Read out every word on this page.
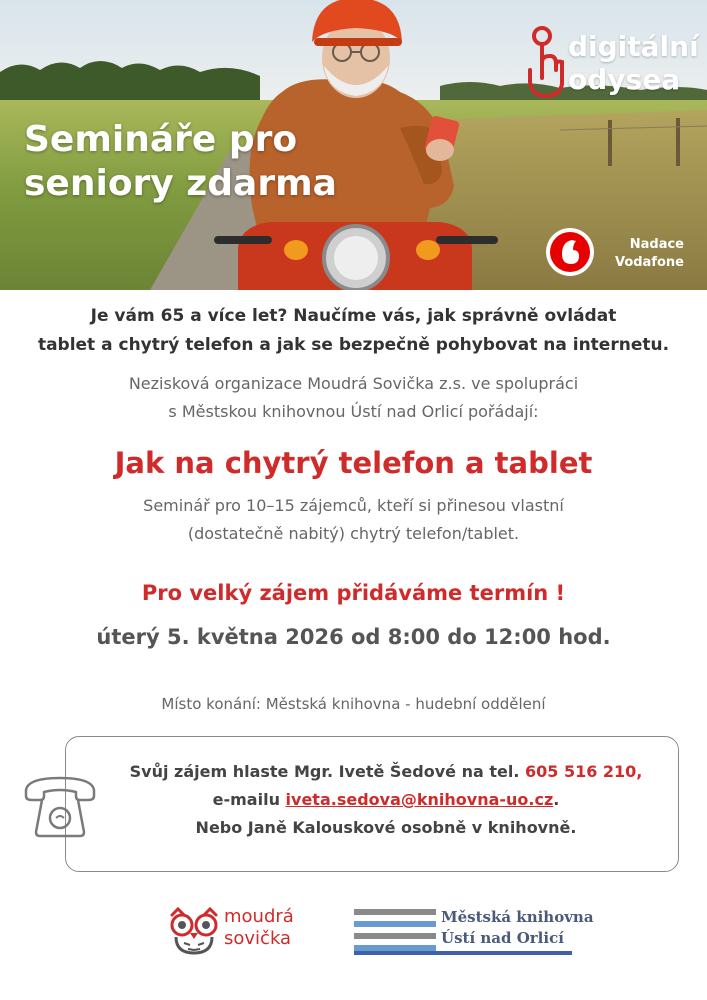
Semináře pro
seniory zdarma
digitální
odysea
Nadace
Vodafone

Je vám 65 a více let? Naučíme vás, jak správně ovládat
tablet a chytrý telefon a jak se bezpečně pohybovat na internetu.

Nezisková organizace Moudrá Sovička z.s. ve spolupráci
s Městskou knihovnou Ústí nad Orlicí pořádají:

Jak na chytrý telefon a tablet

Seminář pro 10–15 zájemců, kteří si přinesou vlastní
(dostatečně nabitý) chytrý telefon/tablet.

Pro velký zájem přidáváme termín !

úterý 5. května 2026 od 8:00 do 12:00 hod.

Místo konání: Městská knihovna - hudební oddělení

Svůj zájem hlaste Mgr. Ivetě Šedové na tel. 605 516 210,
e-mailu iveta.sedova@knihovna-uo.cz.
Nebo Janě Kalouskové osobně v knihovně.
moudrá
sovička
Městská knihovna
Ústí nad Orlicí
